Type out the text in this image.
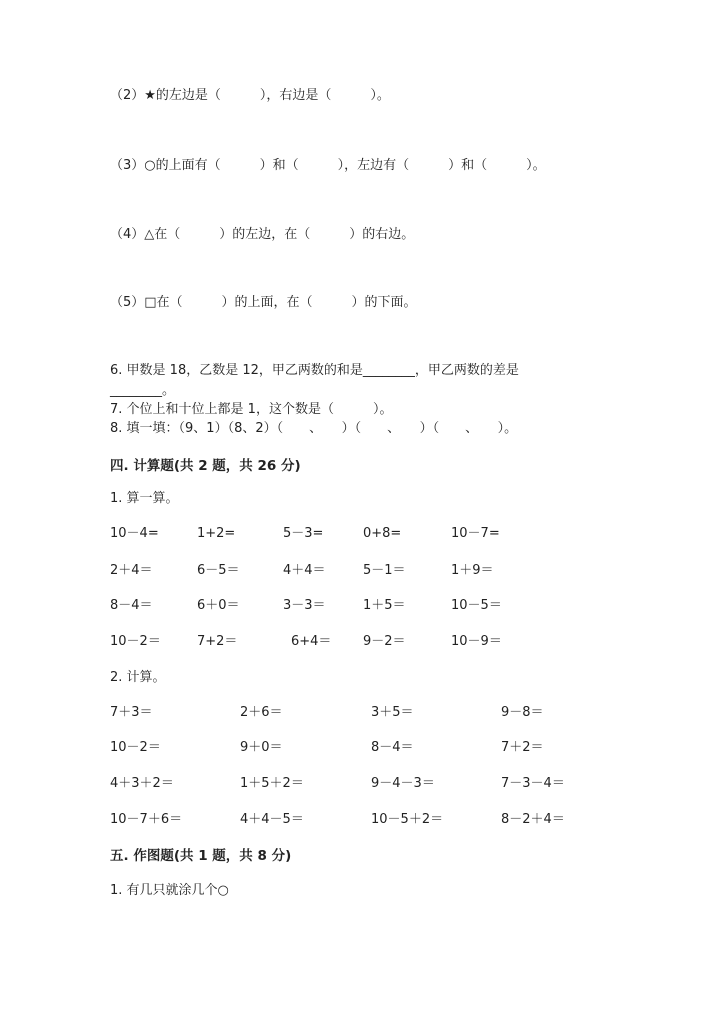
（2）★的左边是（　　　），右边是（　　　）。
（3）○的上面有（　　　）和（　　　），左边有（　　　）和（　　　）。
（4）△在（　　　）的左边，在（　　　）的右边。
（5）□在（　　　）的上面，在（　　　）的下面。
6. 甲数是 18，乙数是 12，甲乙两数的和是________，甲乙两数的差是
________。
7. 个位上和十位上都是 1，这个数是（　　　）。
8. 填一填：（9、1）（8、2）（　　、　　）（　　、　　）（　　、　　）。
四. 计算题(共 2 题，共 26 分)
1. 算一算。
10－4=	1+2=	5－3=	0+8=	10－7=
2＋4＝	6－5＝	4＋4＝	5－1＝	1＋9＝
8－4＝	6＋0＝	3－3＝	1＋5＝	10－5＝
10－2＝	7+2＝	6+4＝ 9－2＝	10－9＝
2. 计算。
7＋3＝	2＋6＝	3＋5＝	9－8＝
10－2＝	9＋0＝	8－4＝	7＋2＝
4＋3＋2＝	1＋5＋2＝	9－4－3＝	7－3－4＝
10－7＋6＝	4＋4－5＝	10－5＋2＝	8－2＋4＝
五. 作图题(共 1 题，共 8 分)
1. 有几只就涂几个○
